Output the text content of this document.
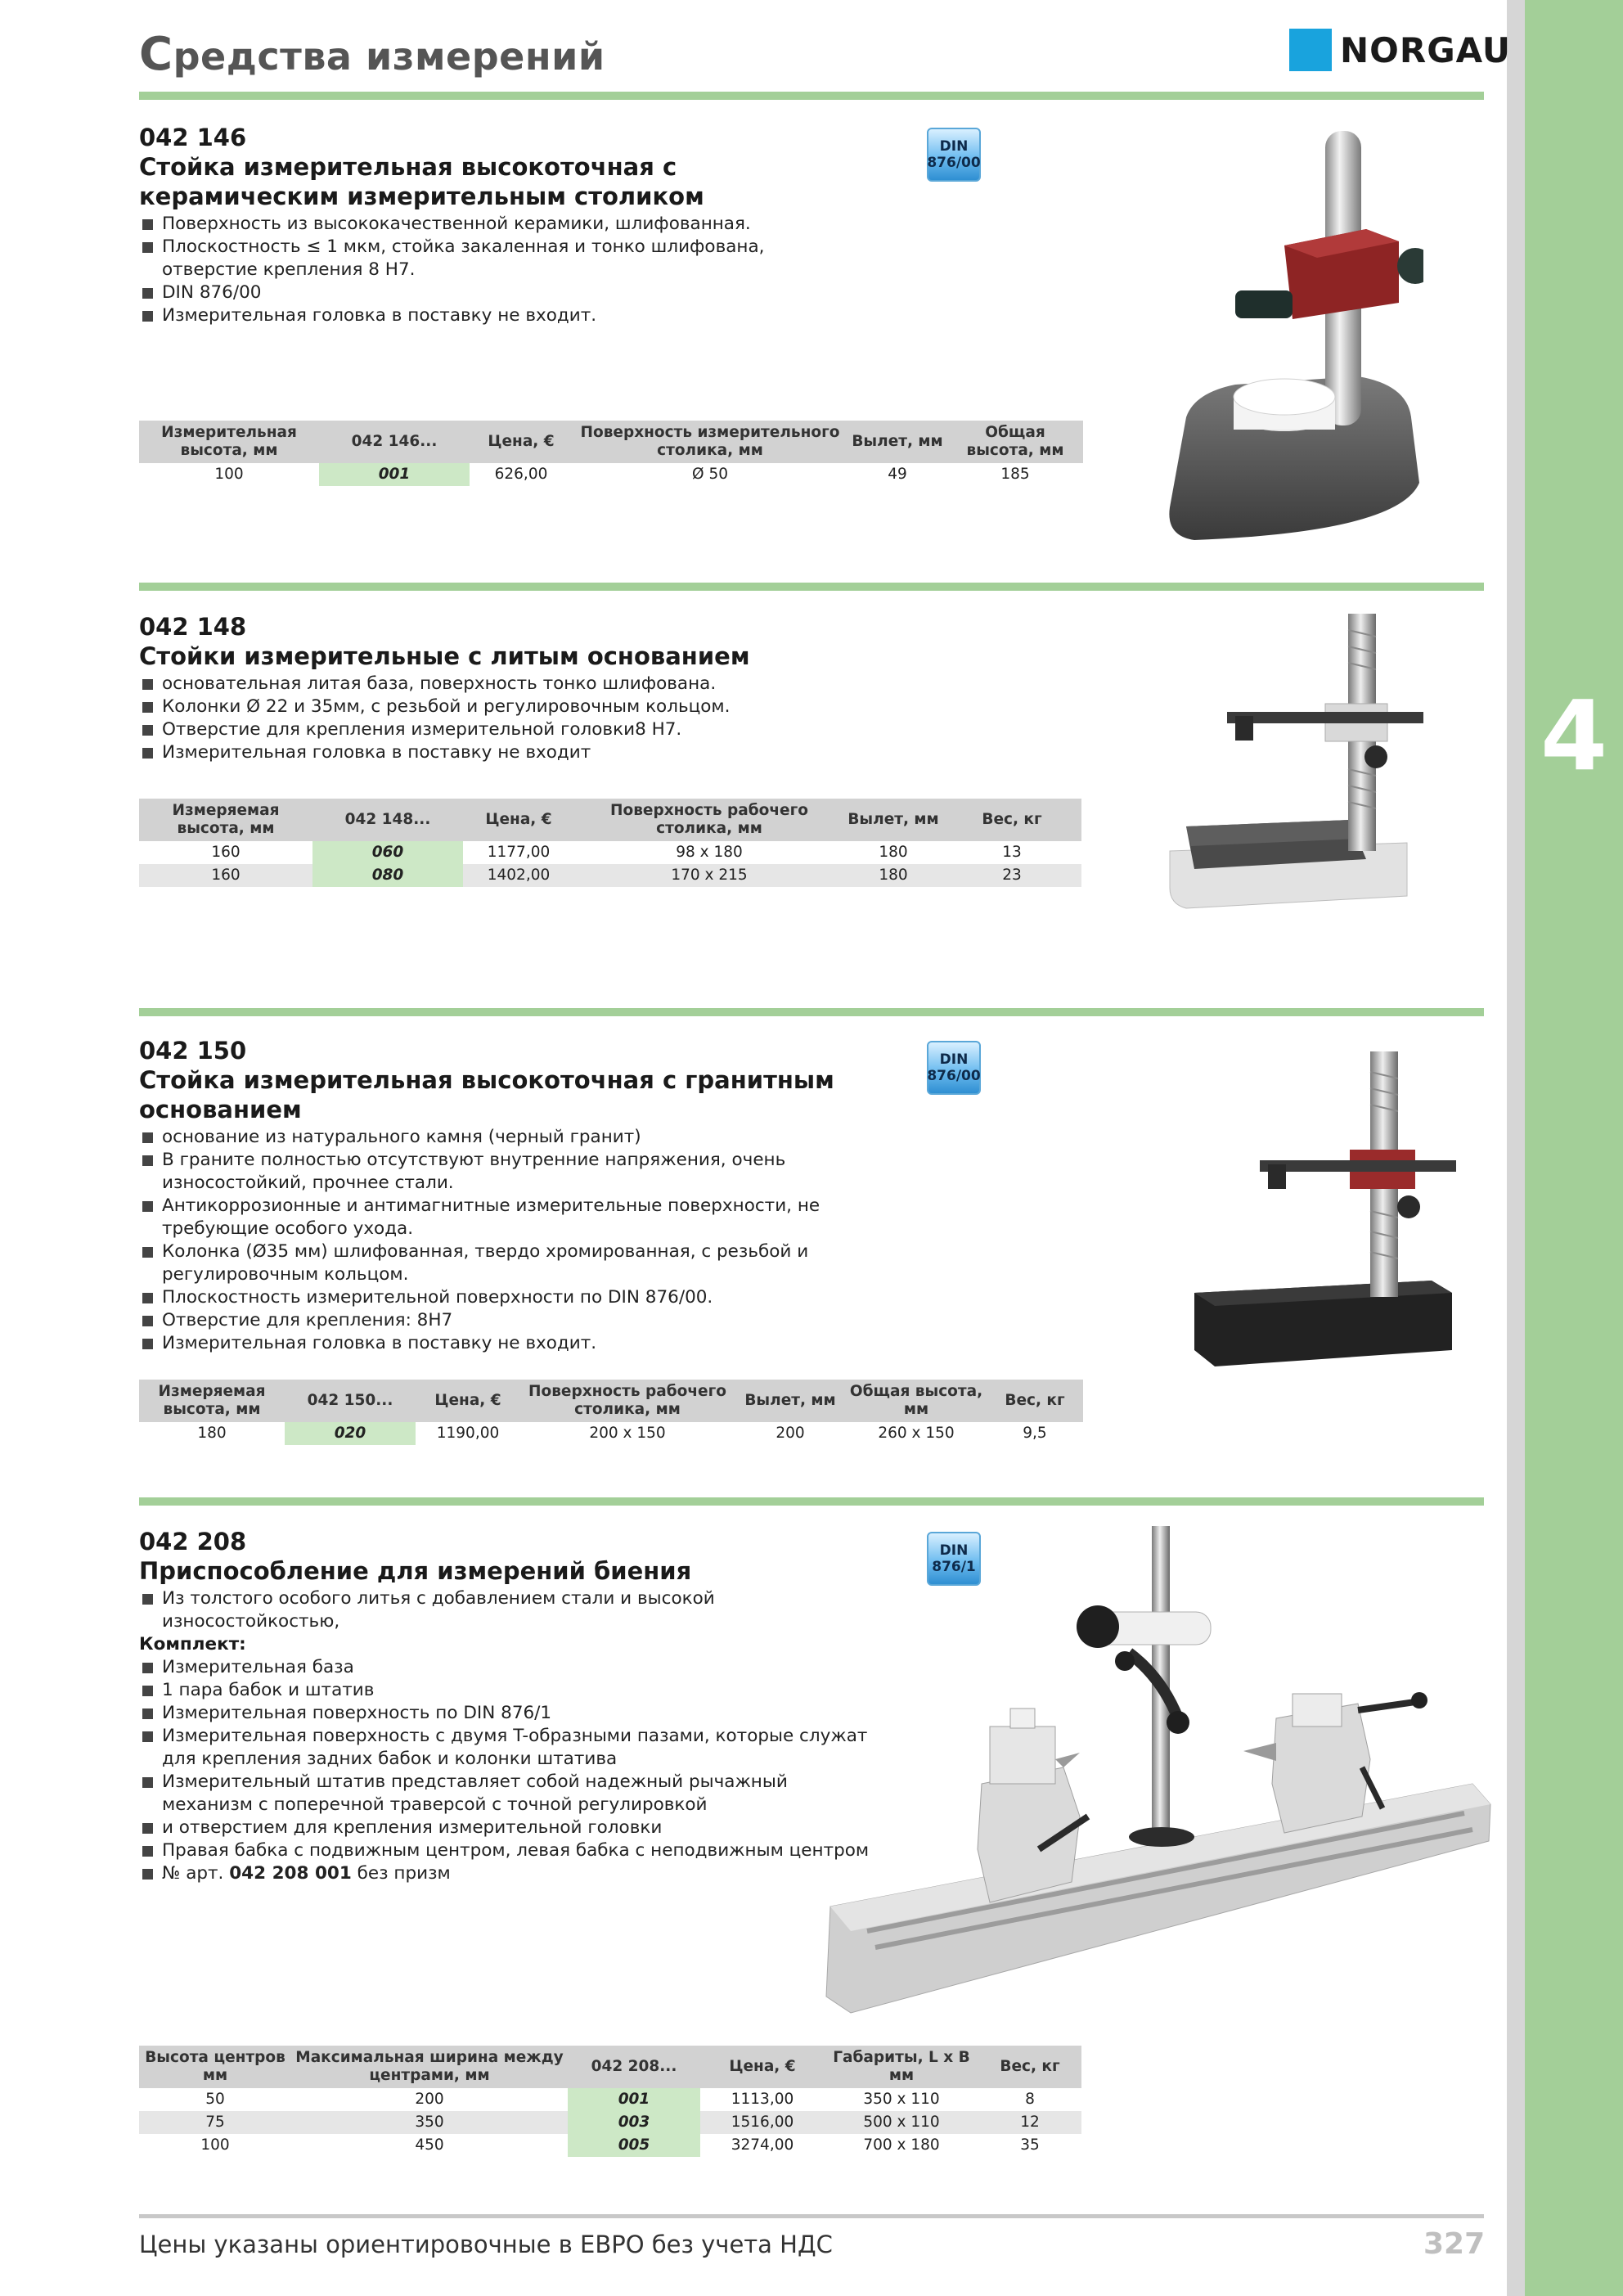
4
Средства измерений	NORGAU

042 146

Стойка измерительная высокоточная с керамическим измерительным столиком

Поверхность из высококачественной керамики, шлифованная.
Плоскостность ≤ 1 мкм, стойка закаленная и тонко шлифована, отверстие крепления 8 H7.
DIN 876/00
Измерительная головка в поставку не входит.
DIN
876/00
Измерительная высота, мм	042 146...	Цена, €	Поверхность измерительного столика, мм	Вылет, мм	Общая высота, мм
100	001	626,00	Ø 50	49	185

042 148

Стойки измерительные с литым основанием

основательная литая база, поверхность тонко шлифована.
Колонки Ø 22 и 35мм, с резьбой и регулировочным кольцом.
Отверстие для крепления измерительной головки8 H7.
Измерительная головка в поставку не входит
Измеряемая высота, мм	042 148...	Цена, €	Поверхность рабочего столика, мм	Вылет, мм	Вес, кг
160	060	1177,00	98 x 180	180	13
160	080	1402,00	170 x 215	180	23

042 150

Стойка измерительная высокоточная с гранитным основанием

основание из натурального камня (черный гранит)
В граните полностью отсутствуют внутренние напряжения, очень износостойкий, прочнее стали.
Антикоррозионные и антимагнитные измерительные поверхности, не требующие особого ухода.
Колонка (Ø35 мм) шлифованная, твердо хромированная, с резьбой и регулировочным кольцом.
Плоскостность измерительной поверхности по DIN 876/00.
Отверстие для крепления: 8H7
Измерительная головка в поставку не входит.
DIN
876/00
Измеряемая высота, мм	042 150...	Цена, €	Поверхность рабочего столика, мм	Вылет, мм	Общая высота, мм	Вес, кг
180	020	1190,00	200 x 150	200	260 x 150	9,5

042 208

Приспособление для измерений биения

Из толстого особого литья с добавлением стали и высокой износостойкостью,
Комплект:
Измерительная база
1 пара бабок и штатив
Измерительная поверхность по DIN 876/1
Измерительная поверхность с двумя T-образными пазами, которые служат для крепления задних бабок и колонки штатива
Измерительный штатив представляет собой надежный рычажный механизм с поперечной траверсой с точной регулировкой
и отверстием для крепления измерительной головки
Правая бабка с подвижным центром, левая бабка с неподвижным центром
№ арт. 042 208 001 без призм
DIN
876/1
Высота центров мм	Максимальная ширина между центрами, мм	042 208...	Цена, €	Габариты, L x B мм	Вес, кг
50	200	001	1113,00	350 x 110	8
75	350	003	1516,00	500 x 110	12
100	450	005	3274,00	700 x 180	35
Цены указаны ориентировочные в ЕВРО без учета НДС	327
